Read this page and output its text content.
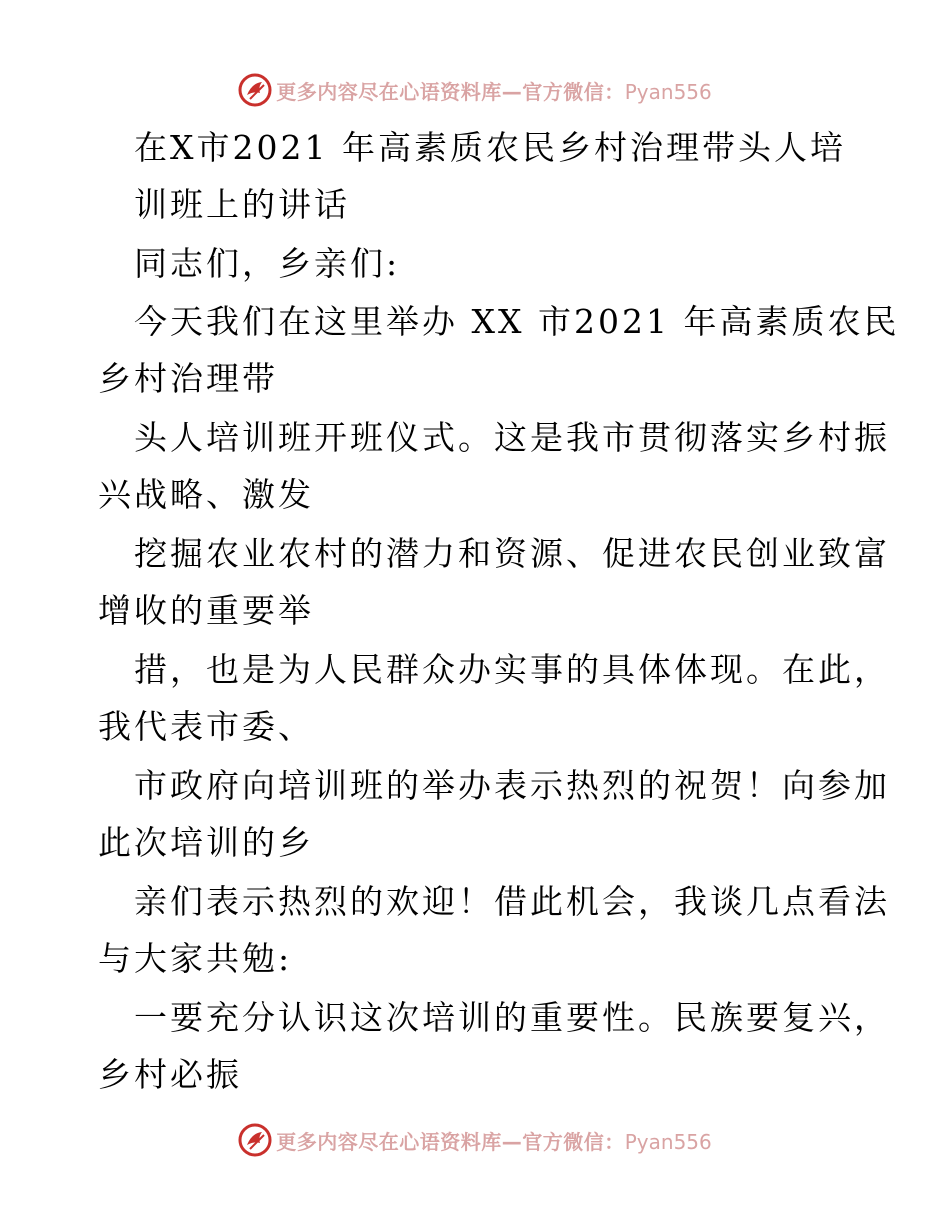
更多内容尽在心语资料库—官方微信：Pyan556
在X市2021 年高素质农民乡村治理带头人培
训班上的讲话
同志们，乡亲们:
今天我们在这里举办 XX 市2021 年高素质农民
乡村治理带
头人培训班开班仪式。这是我市贯彻落实乡村振
兴战略、激发
挖掘农业农村的潜力和资源、促进农民创业致富
增收的重要举
措，也是为人民群众办实事的具体体现。在此，
我代表市委、
市政府向培训班的举办表示热烈的祝贺！向参加
此次培训的乡
亲们表示热烈的欢迎！借此机会，我谈几点看法
与大家共勉:
一要充分认识这次培训的重要性。民族要复兴，
乡村必振
更多内容尽在心语资料库—官方微信：Pyan556
